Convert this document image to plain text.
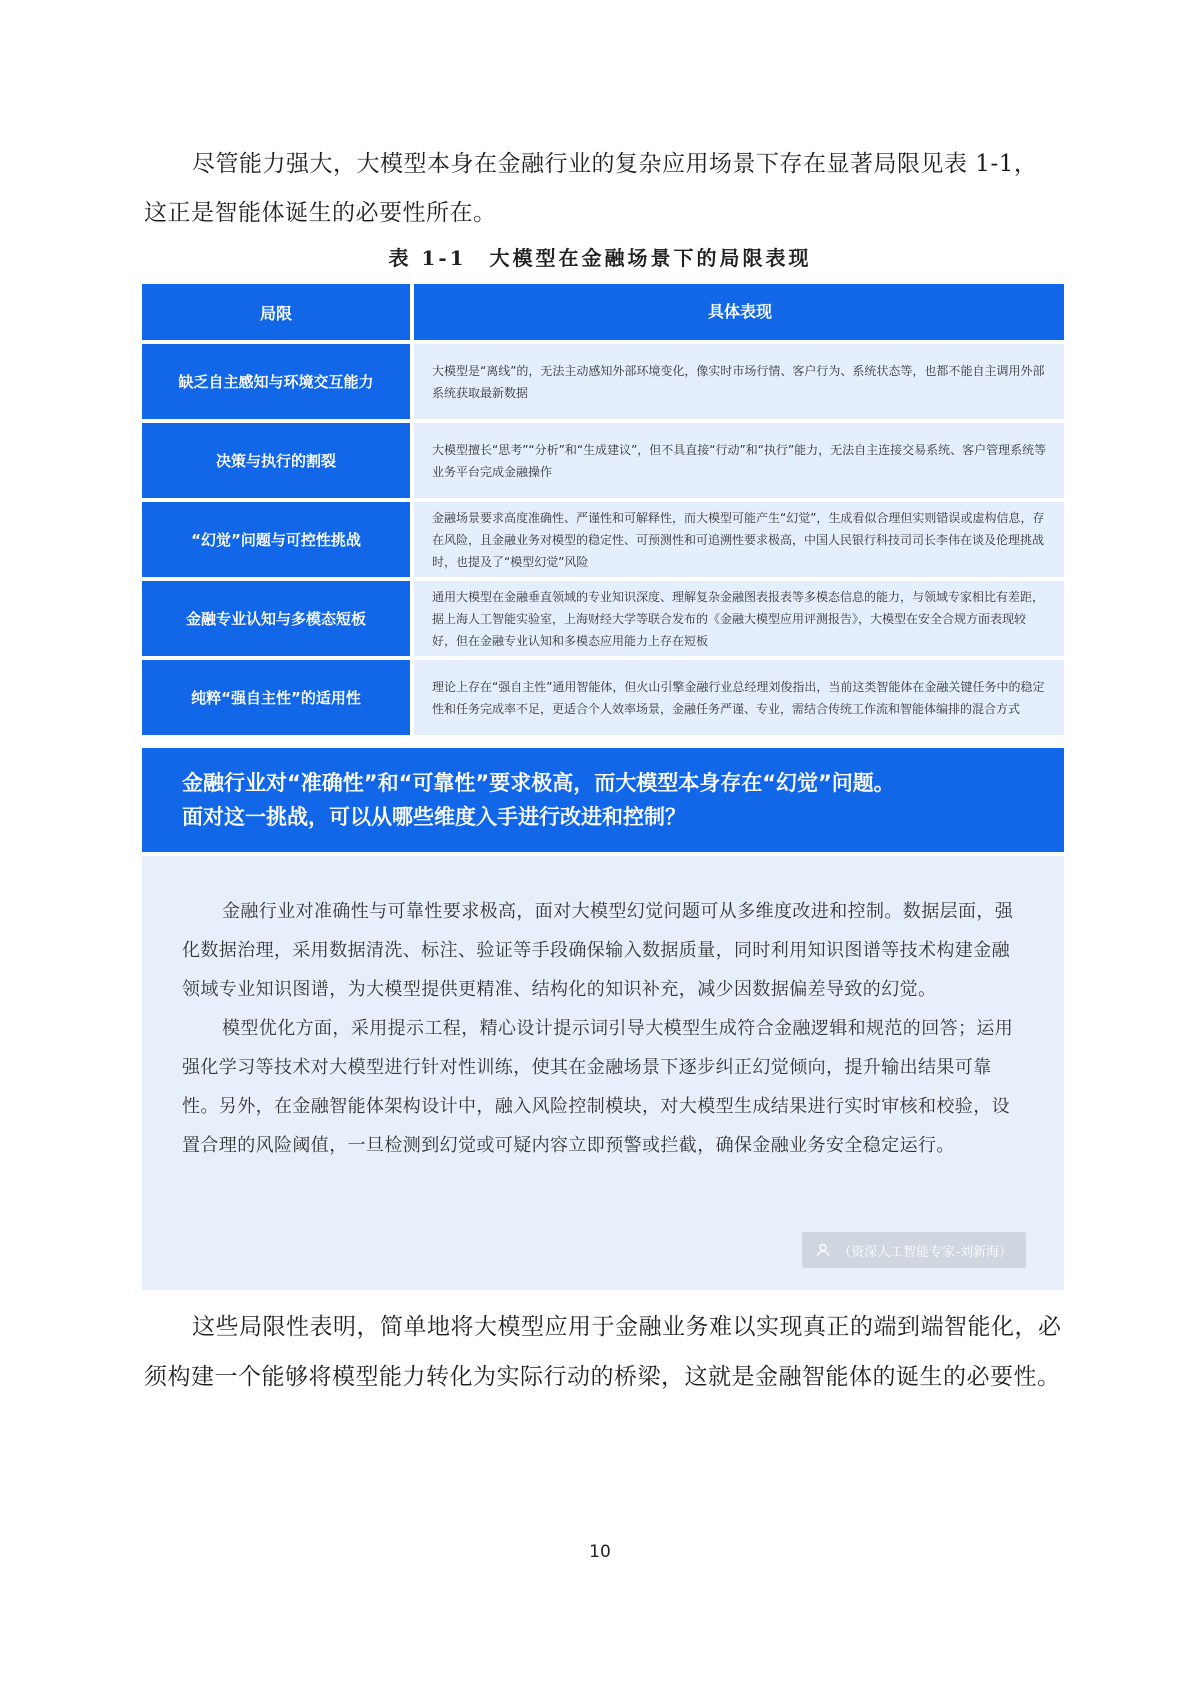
尽管能力强大，大模型本身在金融行业的复杂应用场景下存在显著局限见表 1-1，这正是智能体诞生的必要性所在。

表 1-1　大模型在金融场景下的局限表现
局限	具体表现
缺乏自主感知与环境交互能力
大模型是“离线”的，无法主动感知外部环境变化，像实时市场行情、客户行为、系统状态等，也都不能自主调用外部系统获取最新数据
决策与执行的割裂
大模型擅长“思考”“分析”和“生成建议”，但不具直接“行动”和“执行”能力，无法自主连接交易系统、客户管理系统等业务平台完成金融操作
“幻觉”问题与可控性挑战
金融场景要求高度准确性、严谨性和可解释性，而大模型可能产生“幻觉”，生成看似合理但实则错误或虚构信息，存在风险，且金融业务对模型的稳定性、可预测性和可追溯性要求极高，中国人民银行科技司司长李伟在谈及伦理挑战时，也提及了“模型幻觉”风险
金融专业认知与多模态短板
通用大模型在金融垂直领域的专业知识深度、理解复杂金融图表报表等多模态信息的能力，与领域专家相比有差距，据上海人工智能实验室，上海财经大学等联合发布的《金融大模型应用评测报告》，大模型在安全合规方面表现较好，但在金融专业认知和多模态应用能力上存在短板
纯粹“强自主性”的适用性
理论上存在“强自主性”通用智能体，但火山引擎金融行业总经理刘俊指出，当前这类智能体在金融关键任务中的稳定性和任务完成率不足，更适合个人效率场景，金融任务严谨、专业，需结合传统工作流和智能体编排的混合方式
金融行业对“准确性”和“可靠性”要求极高，而大模型本身存在“幻觉”问题。
面对这一挑战，可以从哪些维度入手进行改进和控制？

金融行业对准确性与可靠性要求极高，面对大模型幻觉问题可从多维度改进和控制。数据层面，强化数据治理，采用数据清洗、标注、验证等手段确保输入数据质量，同时利用知识图谱等技术构建金融领域专业知识图谱，为大模型提供更精准、结构化的知识补充，减少因数据偏差导致的幻觉。

模型优化方面，采用提示工程，精心设计提示词引导大模型生成符合金融逻辑和规范的回答；运用强化学习等技术对大模型进行针对性训练，使其在金融场景下逐步纠正幻觉倾向，提升输出结果可靠性。另外，在金融智能体架构设计中，融入风险控制模块，对大模型生成结果进行实时审核和校验，设置合理的风险阈值，一旦检测到幻觉或可疑内容立即预警或拦截，确保金融业务安全稳定运行。

（资深人工智能专家-刘新海）

这些局限性表明，简单地将大模型应用于金融业务难以实现真正的端到端智能化，必须构建一个能够将模型能力转化为实际行动的桥梁，这就是金融智能体的诞生的必要性。

10
